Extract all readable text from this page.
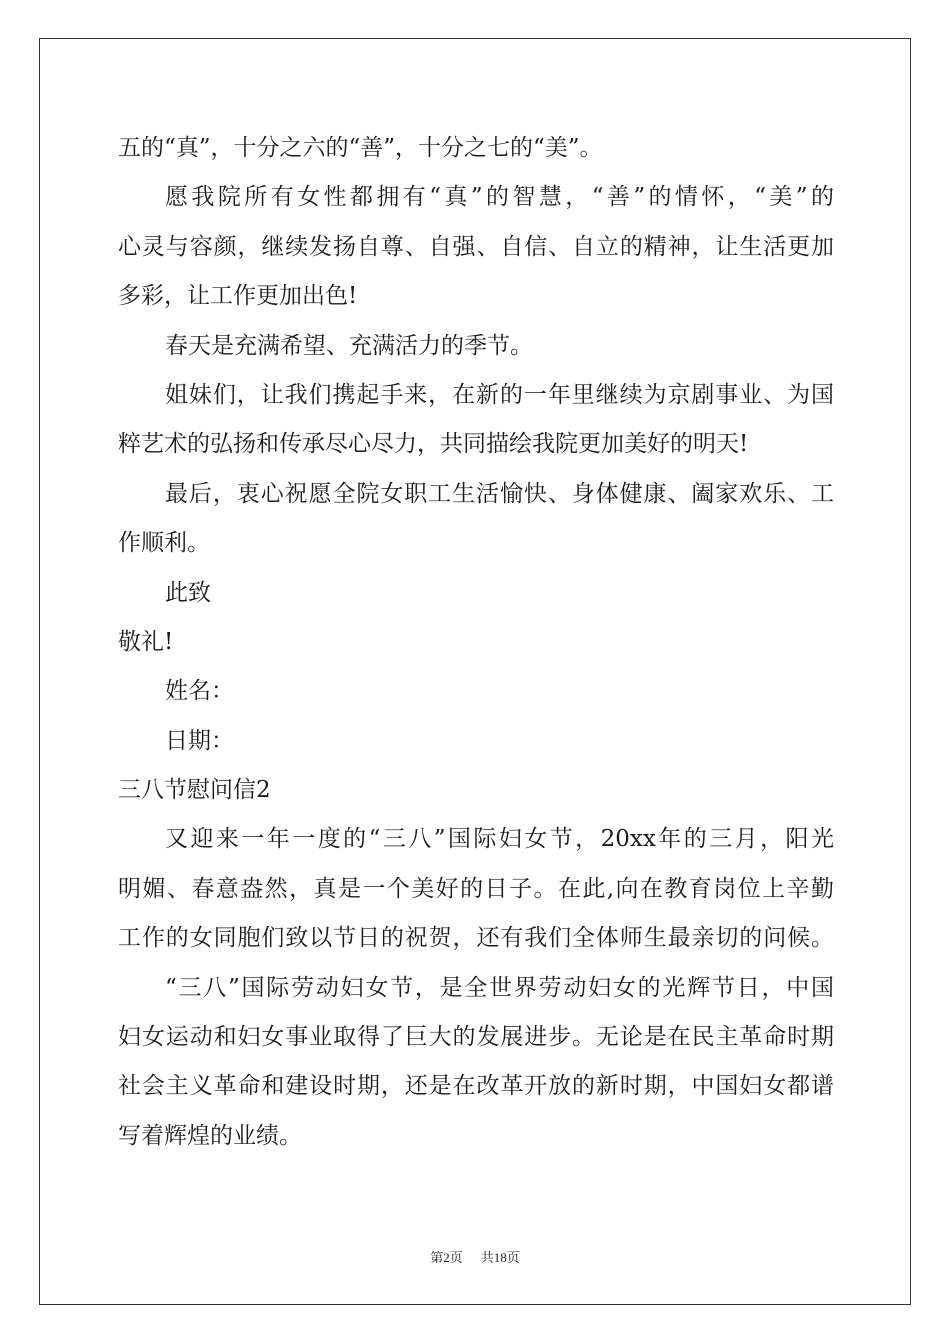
五的“真”，十分之六的“善”，十分之七的“美”。
愿我院所有女性都拥有“真”的智慧，“善”的情怀，“美”的
心灵与容颜，继续发扬自尊、自强、自信、自立的精神，让生活更加
多彩，让工作更加出色!
春天是充满希望、充满活力的季节。
姐妹们，让我们携起手来，在新的一年里继续为京剧事业、为国
粹艺术的弘扬和传承尽心尽力，共同描绘我院更加美好的明天!
最后，衷心祝愿全院女职工生活愉快、身体健康、阖家欢乐、工
作顺利。
此致
敬礼!
姓名：
日期：
三八节慰问信2
又迎来一年一度的“三八”国际妇女节，20xx年的三月，阳光
明媚、春意盎然，真是一个美好的日子。在此,向在教育岗位上辛勤
工作的女同胞们致以节日的祝贺，还有我们全体师生最亲切的问候。
“三八”国际劳动妇女节，是全世界劳动妇女的光辉节日，中国
妇女运动和妇女事业取得了巨大的发展进步。无论是在民主革命时期
社会主义革命和建设时期，还是在改革开放的新时期，中国妇女都谱
写着辉煌的业绩。
第2页 共18页
